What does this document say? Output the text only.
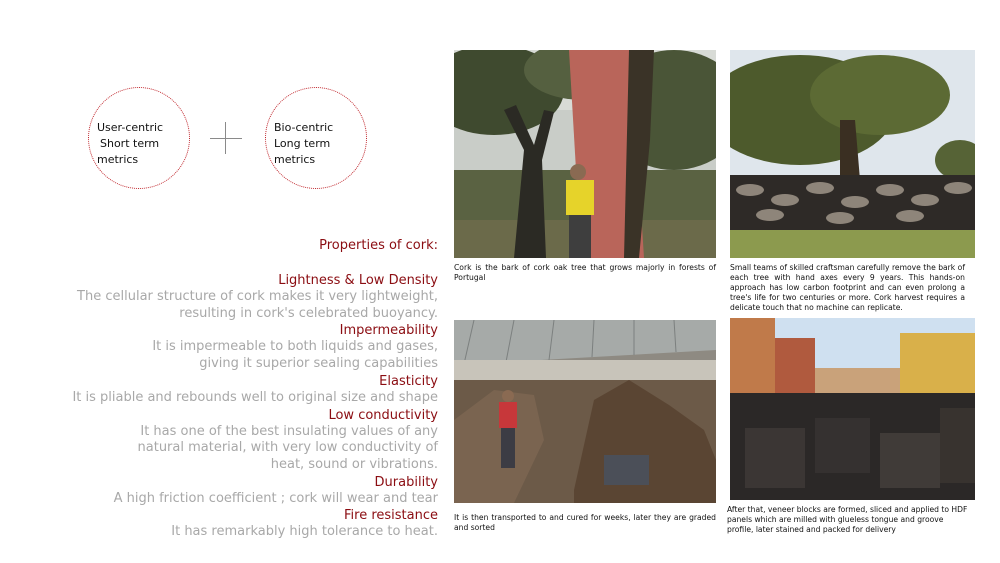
User-centric
Short term
metrics
Bio-centric
Long term
metrics
Properties of cork:
Lightness & Low Density
The cellular structure of cork makes it very lightweight, resulting in cork's celebrated buoyancy.
Impermeability
It is impermeable to both liquids and gases, giving it superior sealing capabilities
Elasticity
It is pliable and rebounds well to original size and shape
Low conductivity
It has one of the best insulating values of any natural material, with very low conductivity of heat, sound or vibrations.
Durability
A high friction coefficient ; cork will wear and tear
Fire resistance
It has remarkably high tolerance to heat.
Cork is the bark of cork oak tree that grows majorly in forests of Portugal
Small teams of skilled craftsman carefully remove the bark of each tree with hand axes every 9 years. This hands-on approach has low carbon footprint and can even prolong a tree's life for two centuries or more. Cork harvest requires a delicate touch that no machine can replicate.
It is then transported to and cured for weeks, later they are graded and sorted
After that, veneer blocks are formed, sliced and applied to HDF panels which are milled with glueless tongue and groove profile, later stained and packed for delivery
